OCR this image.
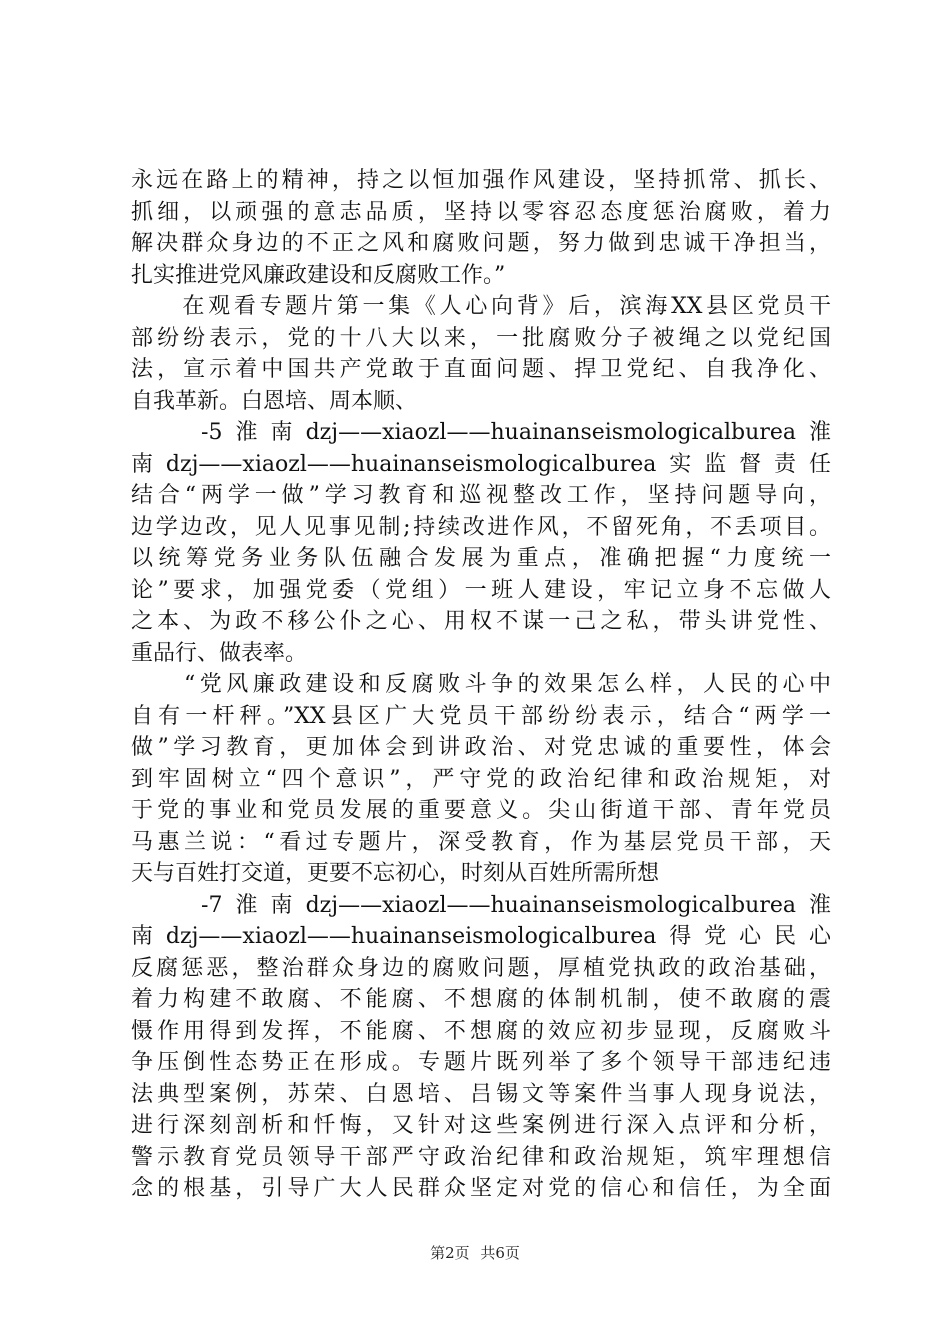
永远在路上的精神，持之以恒加强作风建设，坚持抓常、抓长、
抓细，以顽强的意志品质，坚持以零容忍态度惩治腐败，着力
解决群众身边的不正之风和腐败问题，努力做到忠诚干净担当，
扎实推进党风廉政建设和反腐败工作。”
　　在观看专题片第一集《人心向背》后，滨海XX县区党员干
部纷纷表示，党的十八大以来，一批腐败分子被绳之以党纪国
法，宣示着中国共产党敢于直面问题、捍卫党纪、自我净化、
自我革新。白恩培、周本顺、
　　-5淮南dzj——xiaozl——huainanseismologicalburea淮
南dzj——xiaozl——huainanseismologicalburea实监督责任
结合“两学一做”学习教育和巡视整改工作，坚持问题导向，
边学边改，见人见事见制;持续改进作风，不留死角，不丢项目。
以统筹党务业务队伍融合发展为重点，准确把握“力度统一
论”要求，加强党委（党组）一班人建设，牢记立身不忘做人
之本、为政不移公仆之心、用权不谋一己之私，带头讲党性、
重品行、做表率。
　　“党风廉政建设和反腐败斗争的效果怎么样，人民的心中
自有一杆秤。”XX县区广大党员干部纷纷表示，结合“两学一
做”学习教育，更加体会到讲政治、对党忠诚的重要性，体会
到牢固树立“四个意识”，严守党的政治纪律和政治规矩，对
于党的事业和党员发展的重要意义。尖山街道干部、青年党员
马惠兰说：“看过专题片，深受教育，作为基层党员干部，天
天与百姓打交道，更要不忘初心，时刻从百姓所需所想
　　-7淮南dzj——xiaozl——huainanseismologicalburea淮
南dzj——xiaozl——huainanseismologicalburea得党心民心
反腐惩恶，整治群众身边的腐败问题，厚植党执政的政治基础，
着力构建不敢腐、不能腐、不想腐的体制机制，使不敢腐的震
慑作用得到发挥，不能腐、不想腐的效应初步显现，反腐败斗
争压倒性态势正在形成。专题片既列举了多个领导干部违纪违
法典型案例，苏荣、白恩培、吕锡文等案件当事人现身说法，
进行深刻剖析和忏悔，又针对这些案例进行深入点评和分析，
警示教育党员领导干部严守政治纪律和政治规矩，筑牢理想信
念的根基，引导广大人民群众坚定对党的信心和信任，为全面
第2页 共6页
